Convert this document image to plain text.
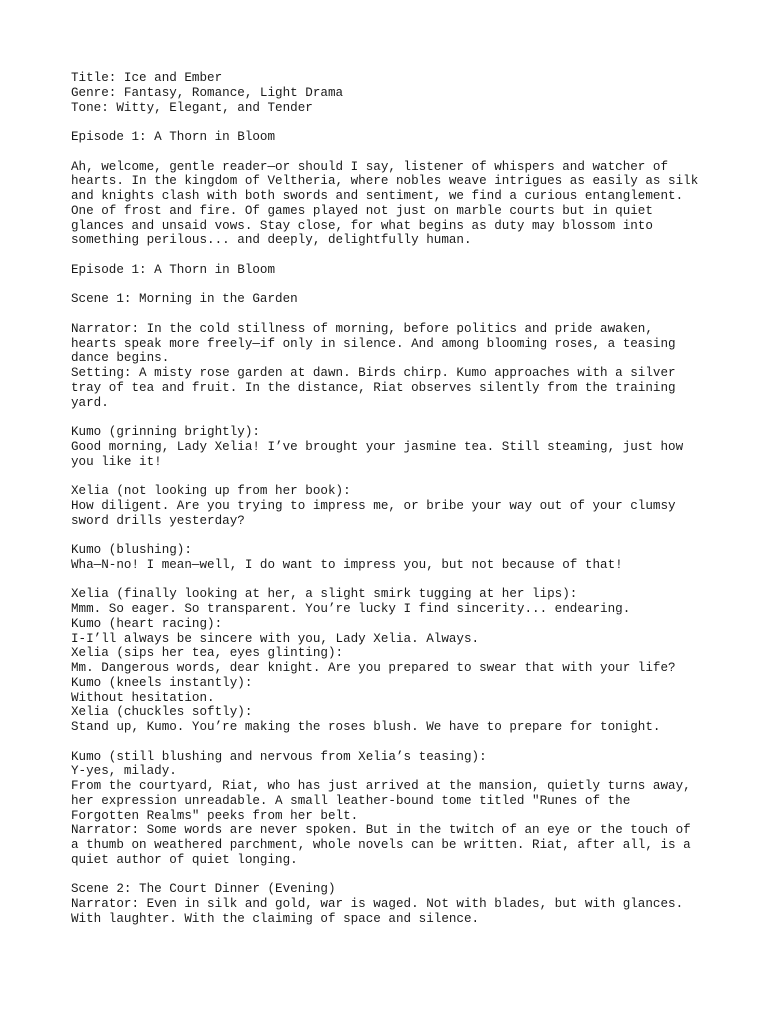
Title: Ice and Ember
Genre: Fantasy, Romance, Light Drama
Tone: Witty, Elegant, and Tender
Episode 1: A Thorn in Bloom
Ah, welcome, gentle reader—or should I say, listener of whispers and watcher of
hearts. In the kingdom of Veltheria, where nobles weave intrigues as easily as silk
and knights clash with both swords and sentiment, we find a curious entanglement.
One of frost and fire. Of games played not just on marble courts but in quiet
glances and unsaid vows. Stay close, for what begins as duty may blossom into
something perilous... and deeply, delightfully human.
Episode 1: A Thorn in Bloom
Scene 1: Morning in the Garden
Narrator: In the cold stillness of morning, before politics and pride awaken,
hearts speak more freely—if only in silence. And among blooming roses, a teasing
dance begins.
Setting: A misty rose garden at dawn. Birds chirp. Kumo approaches with a silver
tray of tea and fruit. In the distance, Riat observes silently from the training
yard.
Kumo (grinning brightly):
Good morning, Lady Xelia! I’ve brought your jasmine tea. Still steaming, just how
you like it!
Xelia (not looking up from her book):
How diligent. Are you trying to impress me, or bribe your way out of your clumsy
sword drills yesterday?
Kumo (blushing):
Wha—N-no! I mean—well, I do want to impress you, but not because of that!
Xelia (finally looking at her, a slight smirk tugging at her lips):
Mmm. So eager. So transparent. You’re lucky I find sincerity... endearing.
Kumo (heart racing):
I-I’ll always be sincere with you, Lady Xelia. Always.
Xelia (sips her tea, eyes glinting):
Mm. Dangerous words, dear knight. Are you prepared to swear that with your life?
Kumo (kneels instantly):
Without hesitation.
Xelia (chuckles softly):
Stand up, Kumo. You’re making the roses blush. We have to prepare for tonight.
Kumo (still blushing and nervous from Xelia’s teasing):
Y-yes, milady.
From the courtyard, Riat, who has just arrived at the mansion, quietly turns away,
her expression unreadable. A small leather-bound tome titled "Runes of the
Forgotten Realms" peeks from her belt.
Narrator: Some words are never spoken. But in the twitch of an eye or the touch of
a thumb on weathered parchment, whole novels can be written. Riat, after all, is a
quiet author of quiet longing.
Scene 2: The Court Dinner (Evening)
Narrator: Even in silk and gold, war is waged. Not with blades, but with glances.
With laughter. With the claiming of space and silence.
